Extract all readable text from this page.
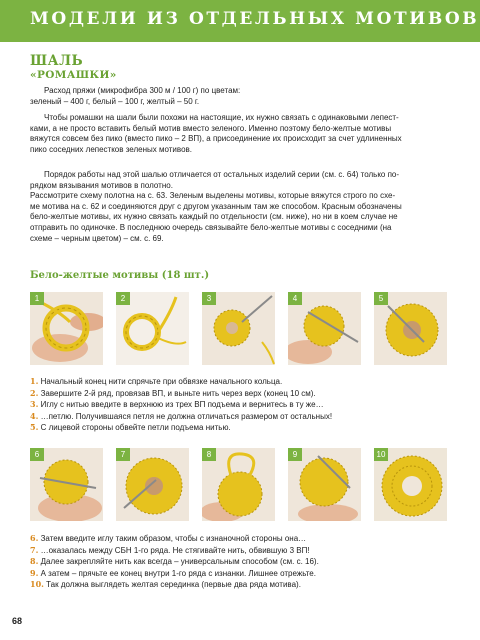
МОДЕЛИ ИЗ ОТДЕЛЬНЫХ МОТИВОВ
ШАЛЬ
«РОМАШКИ»
Расход пряжи (микрофибра 300 м / 100 г) по цветам:
зеленый – 400 г, белый – 100 г, желтый – 50 г.
Чтобы ромашки на шали были похожи на настоящие, их нужно связать с одинаковыми лепест-
ками, а не просто вставить белый мотив вместо зеленого. Именно поэтому бело-желтые мотивы
вяжутся совсем без пико (вместо пико – 2 ВП), а присоединение их происходит за счет удлиненных
пико соседних лепестков зеленых мотивов.
Порядок работы над этой шалью отличается от остальных изделий серии (см. с. 64) только по-
рядком вязывания мотивов в полотно.
Рассмотрите схему полотна на с. 63. Зеленым выделены мотивы, которые вяжутся строго по схе-
ме мотива на с. 62 и соединяются друг с другом указанным там же способом. Красным обозначены
бело-желтые мотивы, их нужно связать каждый по отдельности (см. ниже), но ни в коем случае не
отправить по одиночке. В последнюю очередь связывайте бело-желтые мотивы с соседними (на
схеме – черным цветом) – см. с. 69.
Бело-желтые мотивы (18 шт.)
1	2	3	4	5
1. Начальный конец нити спрячьте при обвязке начального кольца.
2. Завершите 2-й ряд, провязав ВП, и выньте нить через верх (конец 10 см).
3. Иглу с нитью введите в верхнюю из трех ВП подъема и вернитесь в ту же…
4. …петлю. Получившаяся петля не должна отличаться размером от остальных!
5. С лицевой стороны обвейте петли подъема нитью.
6	7	8	9	10
6. Затем введите иглу таким образом, чтобы с изнаночной стороны она…
7. …оказалась между СБН 1-го ряда. Не стягивайте нить, обвившую 3 ВП!
8. Далее закрепляйте нить как всегда – универсальным способом (см. с. 16).
9. А затем – прячьте ее конец внутри 1-го ряда с изнанки. Лишнее отрежьте.
10. Так должна выглядеть желтая серединка (первые два ряда мотива).
68
